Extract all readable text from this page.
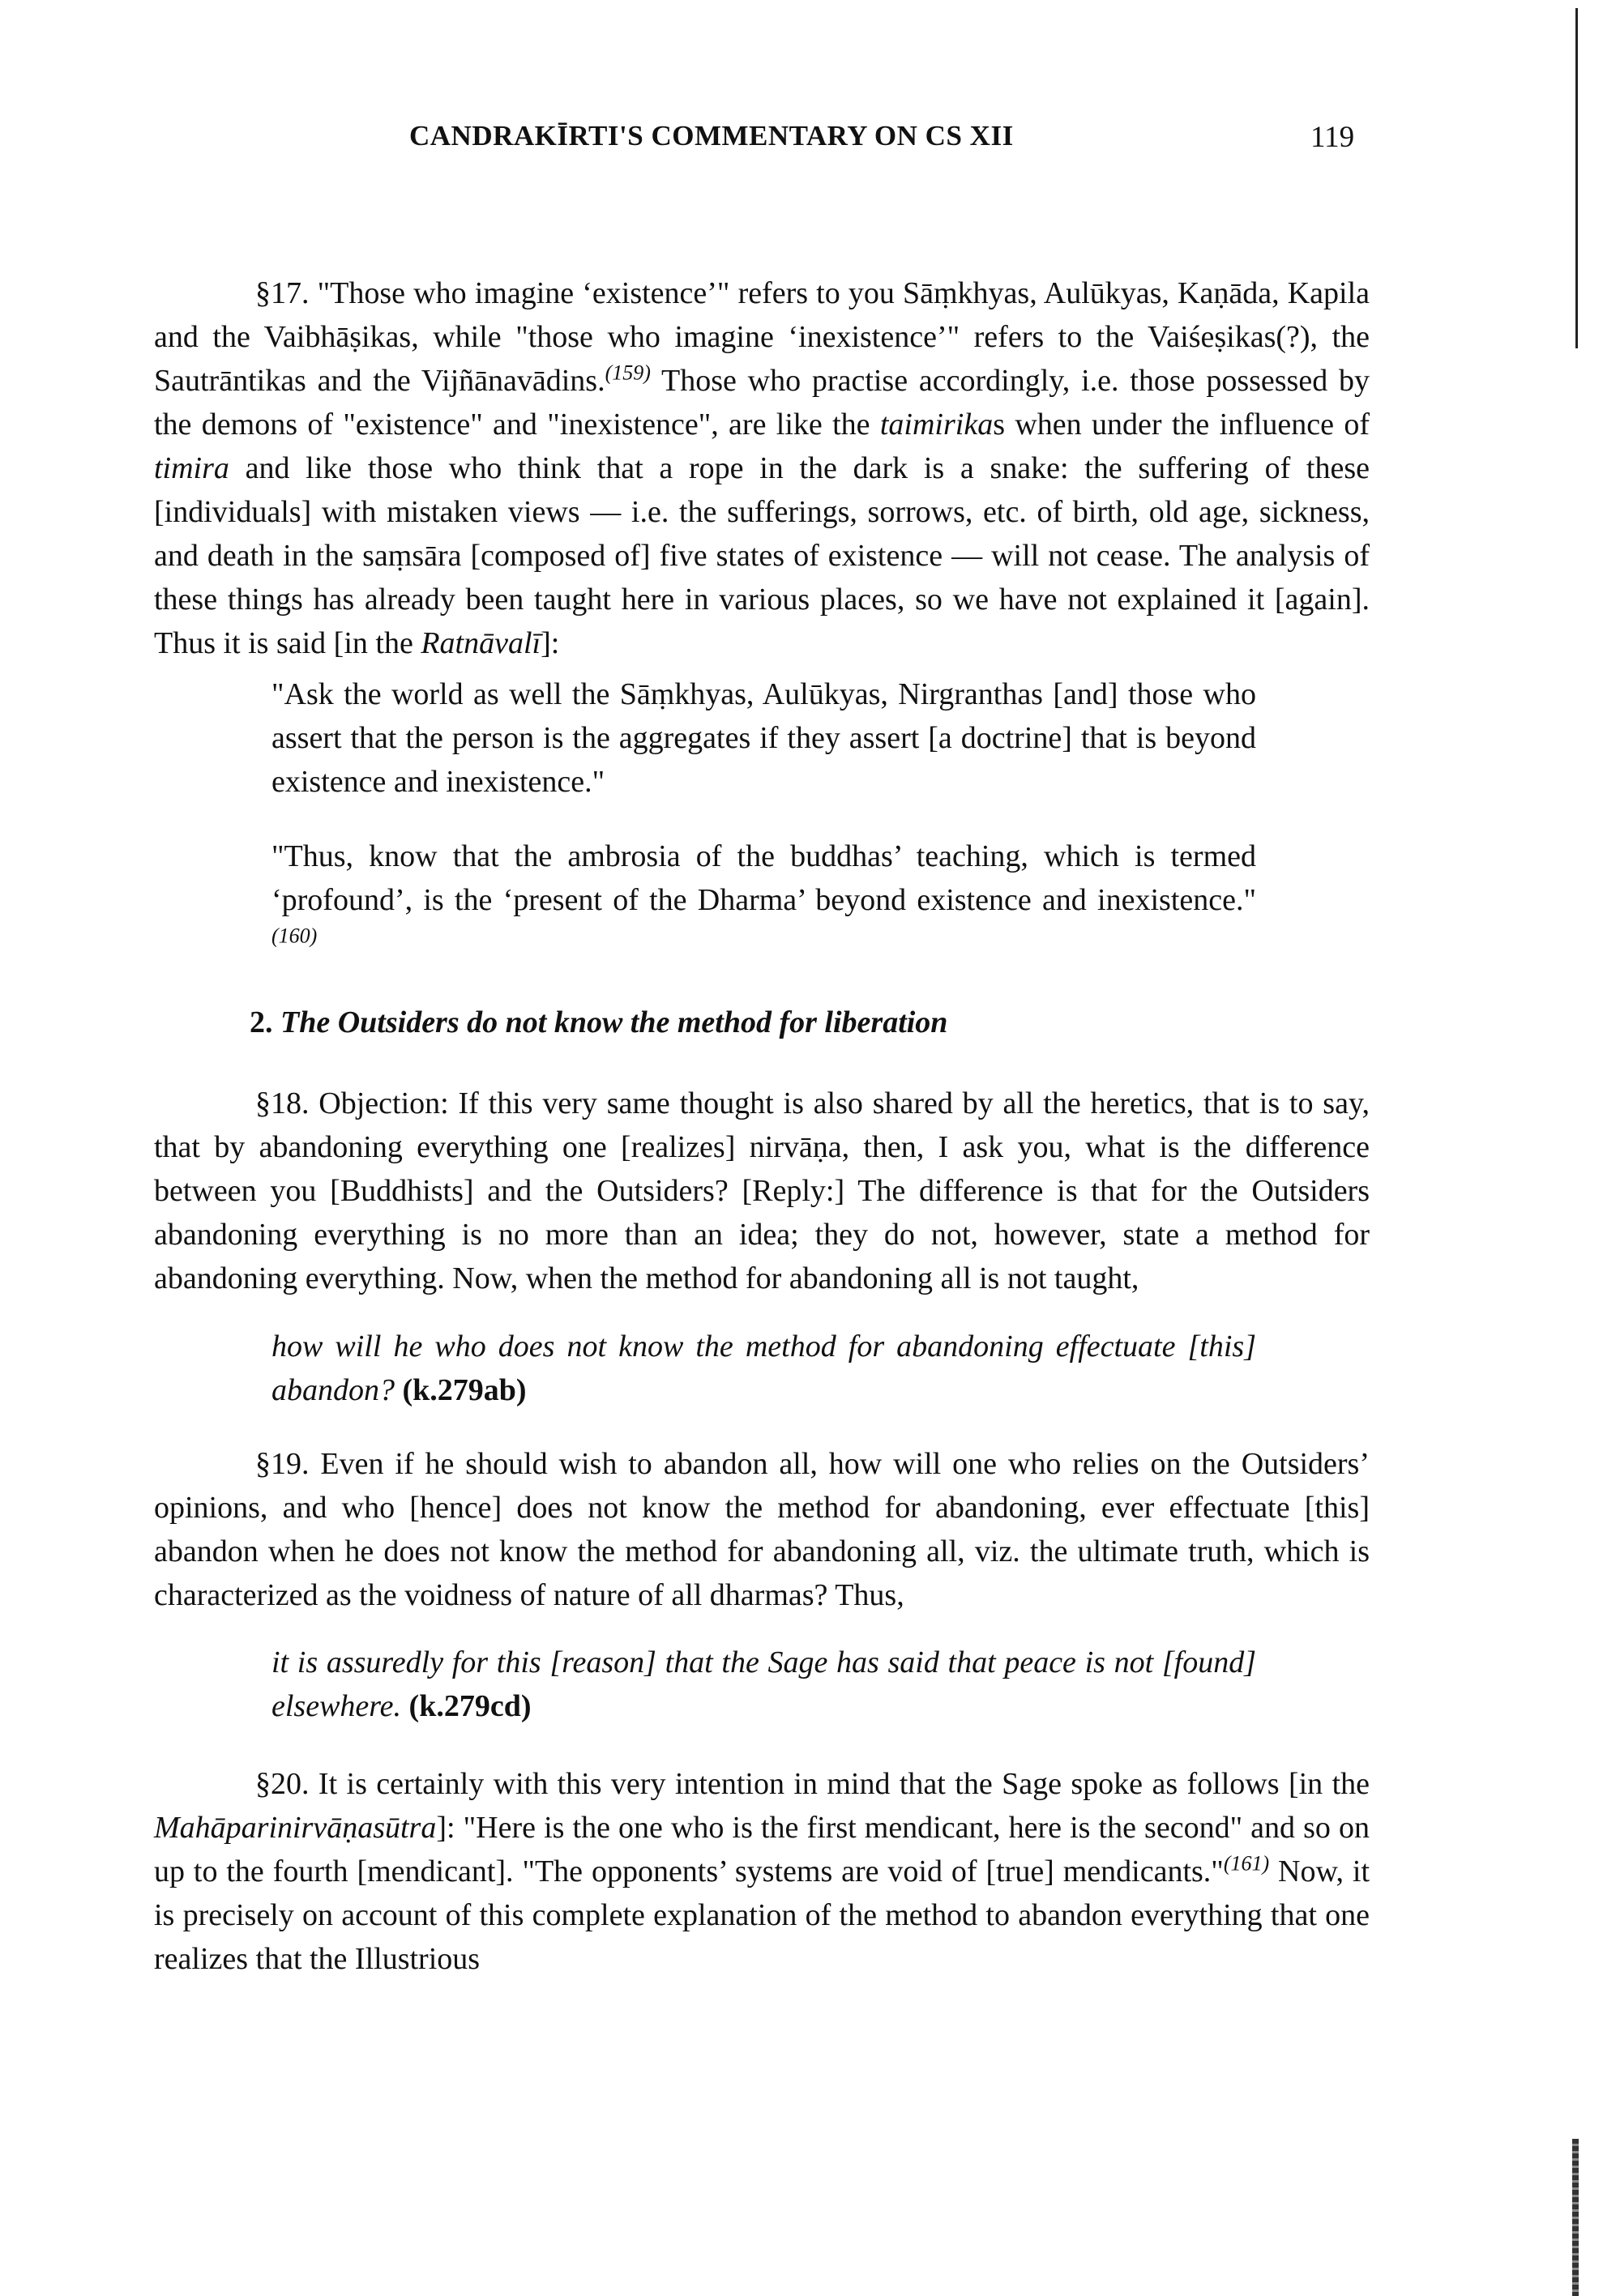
CANDRAKĪRTI'S COMMENTARY ON CS XII	119

§17. "Those who imagine ‘existence’" refers to you Sāṃkhyas, Aulūkyas, Kaṇāda, Kapila and the Vaibhāṣikas, while "those who imagine ‘inexistence’" refers to the Vaiśeṣikas(?), the Sautrāntikas and the Vijñānavādins.$^{(159)}$ Those who practise accordingly, i.e. those possessed by the demons of "existence" and "inexistence", are like the taimirikas when under the influence of timira and like those who think that a rope in the dark is a snake: the suffering of these [individuals] with mistaken views — i.e. the sufferings, sorrows, etc. of birth, old age, sickness, and death in the saṃsāra [composed of] five states of existence — will not cease. The analysis of these things has already been taught here in various places, so we have not explained it [again]. Thus it is said [in the Ratnāvalī]:

"Ask the world as well the Sāṃkhyas, Aulūkyas, Nirgranthas [and] those who assert that the person is the aggregates if they assert [a doctrine] that is beyond existence and inexistence."

"Thus, know that the ambrosia of the buddhas’ teaching, which is termed ‘profound’, is the ‘present of the Dharma’ beyond existence and inexistence."$^{(160)}$

2. The Outsiders do not know the method for liberation

§18. Objection: If this very same thought is also shared by all the heretics, that is to say, that by abandoning everything one [realizes] nirvāṇa, then, I ask you, what is the difference between you [Buddhists] and the Outsiders? [Reply:] The difference is that for the Outsiders abandoning everything is no more than an idea; they do not, however, state a method for abandoning everything. Now, when the method for abandoning all is not taught,

how will he who does not know the method for abandoning effectuate [this] abandon? (k.279ab)

§19. Even if he should wish to abandon all, how will one who relies on the Outsiders’ opinions, and who [hence] does not know the method for abandoning, ever effectuate [this] abandon when he does not know the method for abandoning all, viz. the ultimate truth, which is characterized as the voidness of nature of all dharmas? Thus,

it is assuredly for this [reason] that the Sage has said that peace is not [found] elsewhere. (k.279cd)

§20. It is certainly with this very intention in mind that the Sage spoke as follows [in the Mahāparinirvāṇasūtra]: "Here is the one who is the first mendicant, here is the second" and so on up to the fourth [mendicant]. "The opponents’ systems are void of [true] mendicants."$^{(161)}$ Now, it is precisely on account of this complete explanation of the method to abandon everything that one realizes that the Illustrious
